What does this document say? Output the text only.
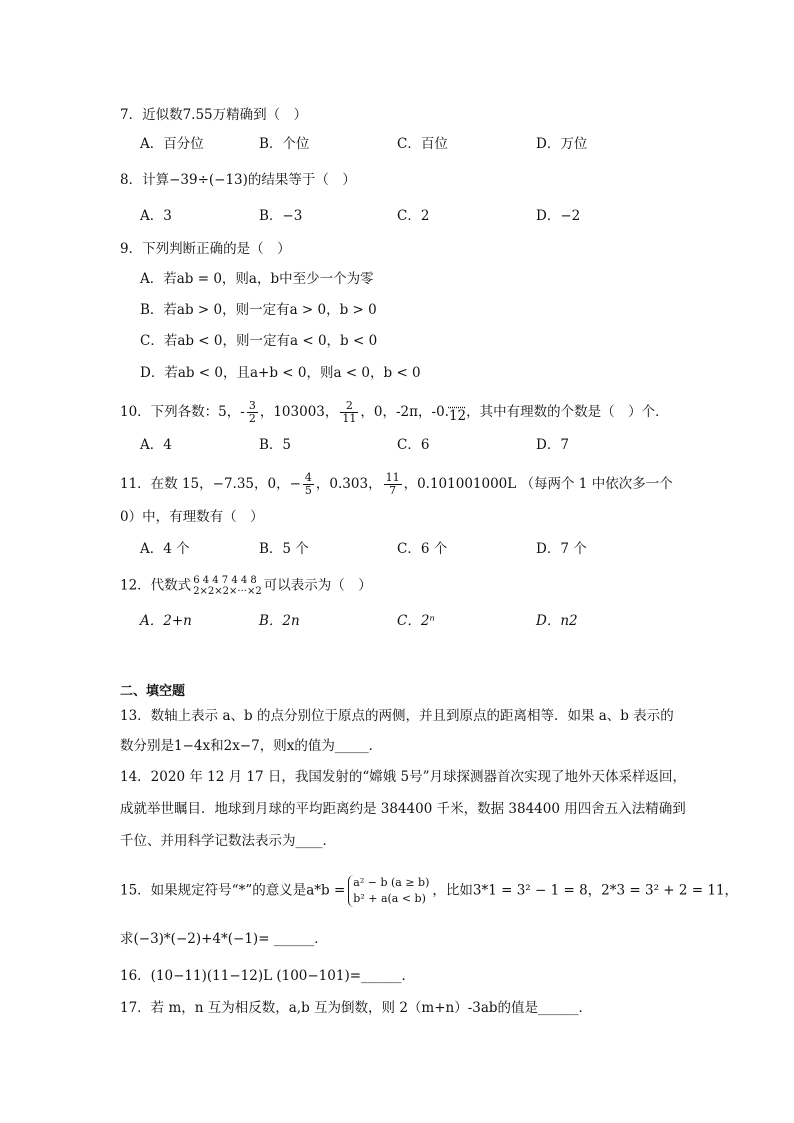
7．近似数7.55万精确到（　）
A．百分位	B．个位	C．百位	D．万位
8．计算−39÷(−13)的结果等于（　）
A．3	B．−3	C．2	D．−2
9．下列判断正确的是（　）
A．若ab = 0，则a，b中至少一个为零
B．若ab > 0，则一定有a > 0，b > 0
C．若ab < 0，则一定有a < 0，b < 0
D．若ab < 0，且a+b < 0，则a < 0，b < 0
10．下列各数：5，- $\frac{3}{2}$ ，103003， $\frac{2}{11}$ ，0，-2π，-0.12，其中有理数的个数是（　）个．
A．4	B．5	C．6	D．7
11．在数 15，−7.35，0，− $\frac{4}{5}$ ，0.303， $\frac{11}{7}$ ，0.101001000L （每两个 1 中依次多一个
0）中，有理数有（　）
A．4 个	B．5 个	C．6 个	D．7 个
12．代数式 6 4 4 7 4 4 8
2×2×2×···×2 可以表示为（　）
A．2+n	B．2n	C．2ⁿ	D．n2
二、填空题
13．数轴上表示 a、b 的点分别位于原点的两侧，并且到原点的距离相等．如果 a、b 表示的
数分别是1−4x和2x−7，则x的值为_____．
14．2020 年 12 月 17 日，我国发射的“嫦娥 5号”月球探测器首次实现了地外天体采样返回，
成就举世瞩目．地球到月球的平均距离约是 384400 千米，数据 384400 用四舍五入法精确到
千位、并用科学记数法表示为____．
15．如果规定符号“*”的意义是a*b = a² − b (a ≥ b)
b² + a(a < b) ，比如3*1 = 3² − 1 = 8，2*3 = 3² + 2 = 11，
求(−3)*(−2)+4*(−1)= ______．
16．(10−11)(11−12)L (100−101)=______．
17．若 m，n 互为相反数，a,b 互为倒数，则 2（m+n）-3ab的值是______．
